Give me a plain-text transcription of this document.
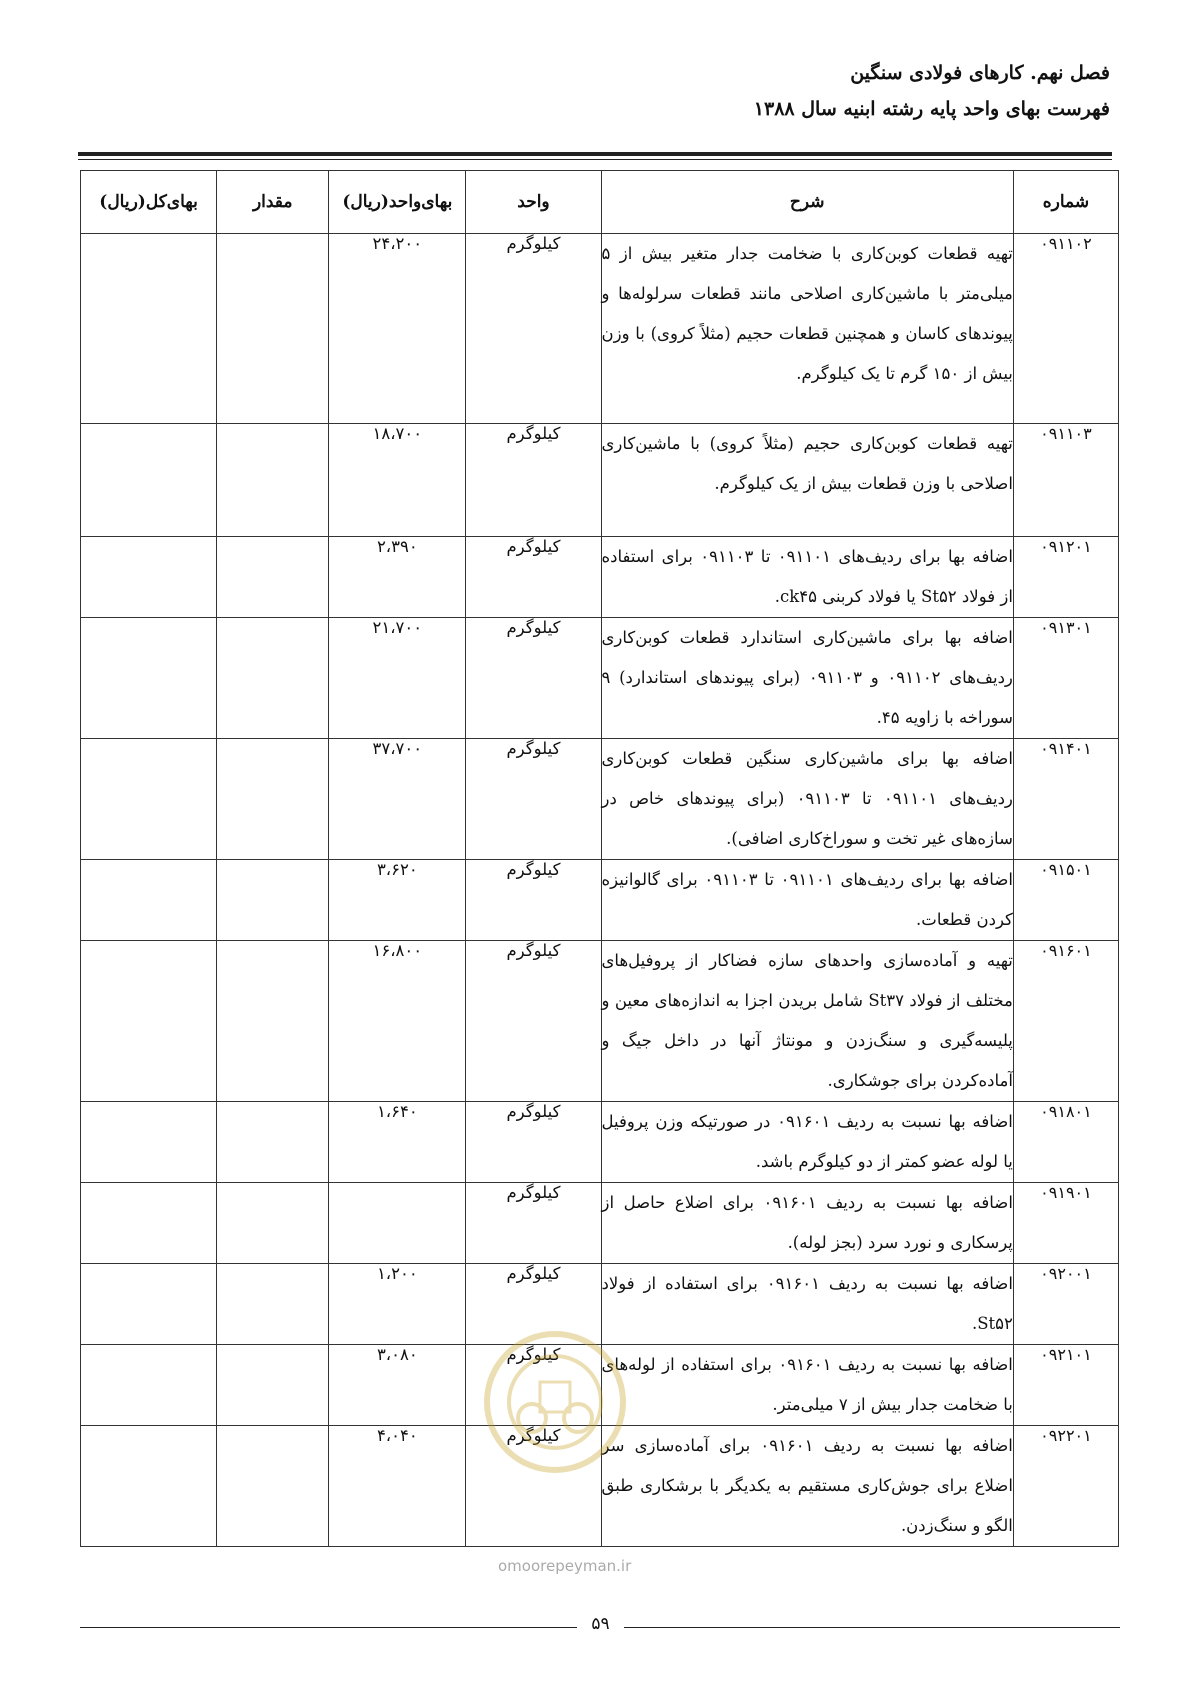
فصل نهم. کارهای فولادی سنگین
فهرست بهای واحد پایه رشته ابنیه سال ۱۳۸۸
شماره	شرح	واحد	بهای‌واحد(ریال)	مقدار	بهای‌کل(ریال)
۰۹۱۱۰۲	تهیه قطعات کوبن‌کاری با ضخامت جدار متغیر بیش از ۵ میلی‌متر با ماشین‌کاری اصلاحی مانند قطعات سرلوله‌ها و پیوندهای کاسان و همچنین قطعات حجیم (مثلاً کروی) با وزن بیش از ۱۵۰ گرم تا یک کیلوگرم.	کیلوگرم	۲۴،۲۰۰		
۰۹۱۱۰۳	تهیه قطعات کوبن‌کاری حجیم (مثلاً کروی) با ماشین‌کاری اصلاحی با وزن قطعات بیش از یک کیلوگرم.	کیلوگرم	۱۸،۷۰۰		
۰۹۱۲۰۱	اضافه بها برای ردیف‌های ۰۹۱۱۰۱ تا ۰۹۱۱۰۳ برای استفاده از فولاد St۵۲ یا فولاد کربنی ck۴۵.	کیلوگرم	۲،۳۹۰		
۰۹۱۳۰۱	اضافه بها برای ماشین‌کاری استاندارد قطعات کوبن‌کاری ردیف‌های ۰۹۱۱۰۲ و ۰۹۱۱۰۳ (برای پیوندهای استاندارد) ۹ سوراخه با زاویه ۴۵.	کیلوگرم	۲۱،۷۰۰		
۰۹۱۴۰۱	اضافه بها برای ماشین‌کاری سنگین قطعات کوبن‌کاری ردیف‌های ۰۹۱۱۰۱ تا ۰۹۱۱۰۳ (برای پیوندهای خاص در سازه‌های غیر تخت و سوراخ‌کاری اضافی).	کیلوگرم	۳۷،۷۰۰		
۰۹۱۵۰۱	اضافه بها برای ردیف‌های ۰۹۱۱۰۱ تا ۰۹۱۱۰۳ برای گالوانیزه کردن قطعات.	کیلوگرم	۳،۶۲۰		
۰۹۱۶۰۱	تهیه و آماده‌سازی واحدهای سازه فضاکار از پروفیل‌های مختلف از فولاد St۳۷ شامل بریدن اجزا به اندازه‌های معین و پلیسه‌گیری و سنگ‌زدن و مونتاژ آنها در داخل جیگ و آماده‌کردن برای جوشکاری.	کیلوگرم	۱۶،۸۰۰		
۰۹۱۸۰۱	اضافه بها نسبت به ردیف ۰۹۱۶۰۱ در صورتیکه وزن پروفیل یا لوله عضو کمتر از دو کیلوگرم باشد.	کیلوگرم	۱،۶۴۰		
۰۹۱۹۰۱	اضافه بها نسبت به ردیف ۰۹۱۶۰۱ برای اضلاع حاصل از پرسکاری و نورد سرد (بجز لوله).	کیلوگرم			
۰۹۲۰۰۱	اضافه بها نسبت به ردیف ۰۹۱۶۰۱ برای استفاده از فولاد St۵۲.	کیلوگرم	۱،۲۰۰		
۰۹۲۱۰۱	اضافه بها نسبت به ردیف ۰۹۱۶۰۱ برای استفاده از لوله‌های با ضخامت جدار بیش از ۷ میلی‌متر.	کیلوگرم	۳،۰۸۰		
۰۹۲۲۰۱	اضافه بها نسبت به ردیف ۰۹۱۶۰۱ برای آماده‌سازی سر اضلاع برای جوش‌کاری مستقیم به یکدیگر با برشکاری طبق الگو و سنگ‌زدن.	کیلوگرم	۴،۰۴۰		
۵۹
omoorepeyman.ir
